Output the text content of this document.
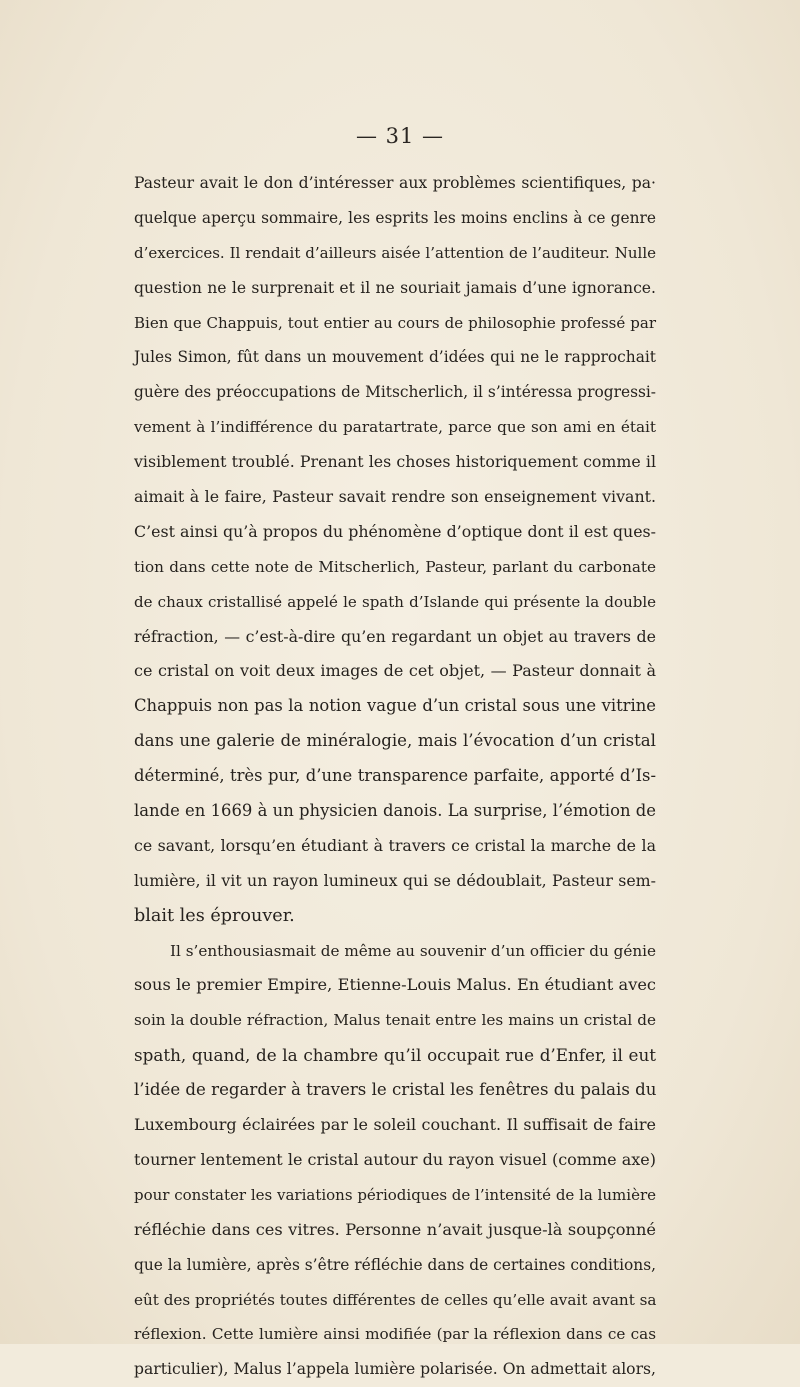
— 31 —
Pasteur avait le don d’intéresser aux problèmes scientifiques, pa·
quelque aperçu sommaire, les esprits les moins enclins à ce genre
d’exercices. Il rendait d’ailleurs aisée l’attention de l’auditeur. Nulle
question ne le surprenait et il ne souriait jamais d’une ignorance.
Bien que Chappuis, tout entier au cours de philosophie professé par
Jules Simon, fût dans un mouvement d’idées qui ne le rapprochait
guère des préoccupations de Mitscherlich, il s’intéressa progressi-
vement à l’indifférence du paratartrate, parce que son ami en était
visiblement troublé. Prenant les choses historiquement comme il
aimait à le faire, Pasteur savait rendre son enseignement vivant.
C’est ainsi qu’à propos du phénomène d’optique dont il est ques-
tion dans cette note de Mitscherlich, Pasteur, parlant du carbonate
de chaux cristallisé appelé le spath d’Islande qui présente la double
réfraction, — c’est-à-dire qu’en regardant un objet au travers de
ce cristal on voit deux images de cet objet, — Pasteur donnait à
Chappuis non pas la notion vague d’un cristal sous une vitrine
dans une galerie de minéralogie, mais l’évocation d’un cristal
déterminé, très pur, d’une transparence parfaite, apporté d’Is-
lande en 1669 à un physicien danois. La surprise, l’émotion de
ce savant, lorsqu’en étudiant à travers ce cristal la marche de la
lumière, il vit un rayon lumineux qui se dédoublait, Pasteur sem-
blait les éprouver.
Il s’enthousiasmait de même au souvenir d’un officier du génie
sous le premier Empire, Etienne-Louis Malus. En étudiant avec
soin la double réfraction, Malus tenait entre les mains un cristal de
spath, quand, de la chambre qu’il occupait rue d’Enfer, il eut
l’idée de regarder à travers le cristal les fenêtres du palais du
Luxembourg éclairées par le soleil couchant. Il suffisait de faire
tourner lentement le cristal autour du rayon visuel (comme axe)
pour constater les variations périodiques de l’intensité de la lumière
réfléchie dans ces vitres. Personne n’avait jusque-là soupçonné
que la lumière, après s’être réfléchie dans de certaines conditions,
eût des propriétés toutes différentes de celles qu’elle avait avant sa
réflexion. Cette lumière ainsi modifiée (par la réflexion dans ce cas
particulier), Malus l’appela lumière polarisée. On admettait alors,
